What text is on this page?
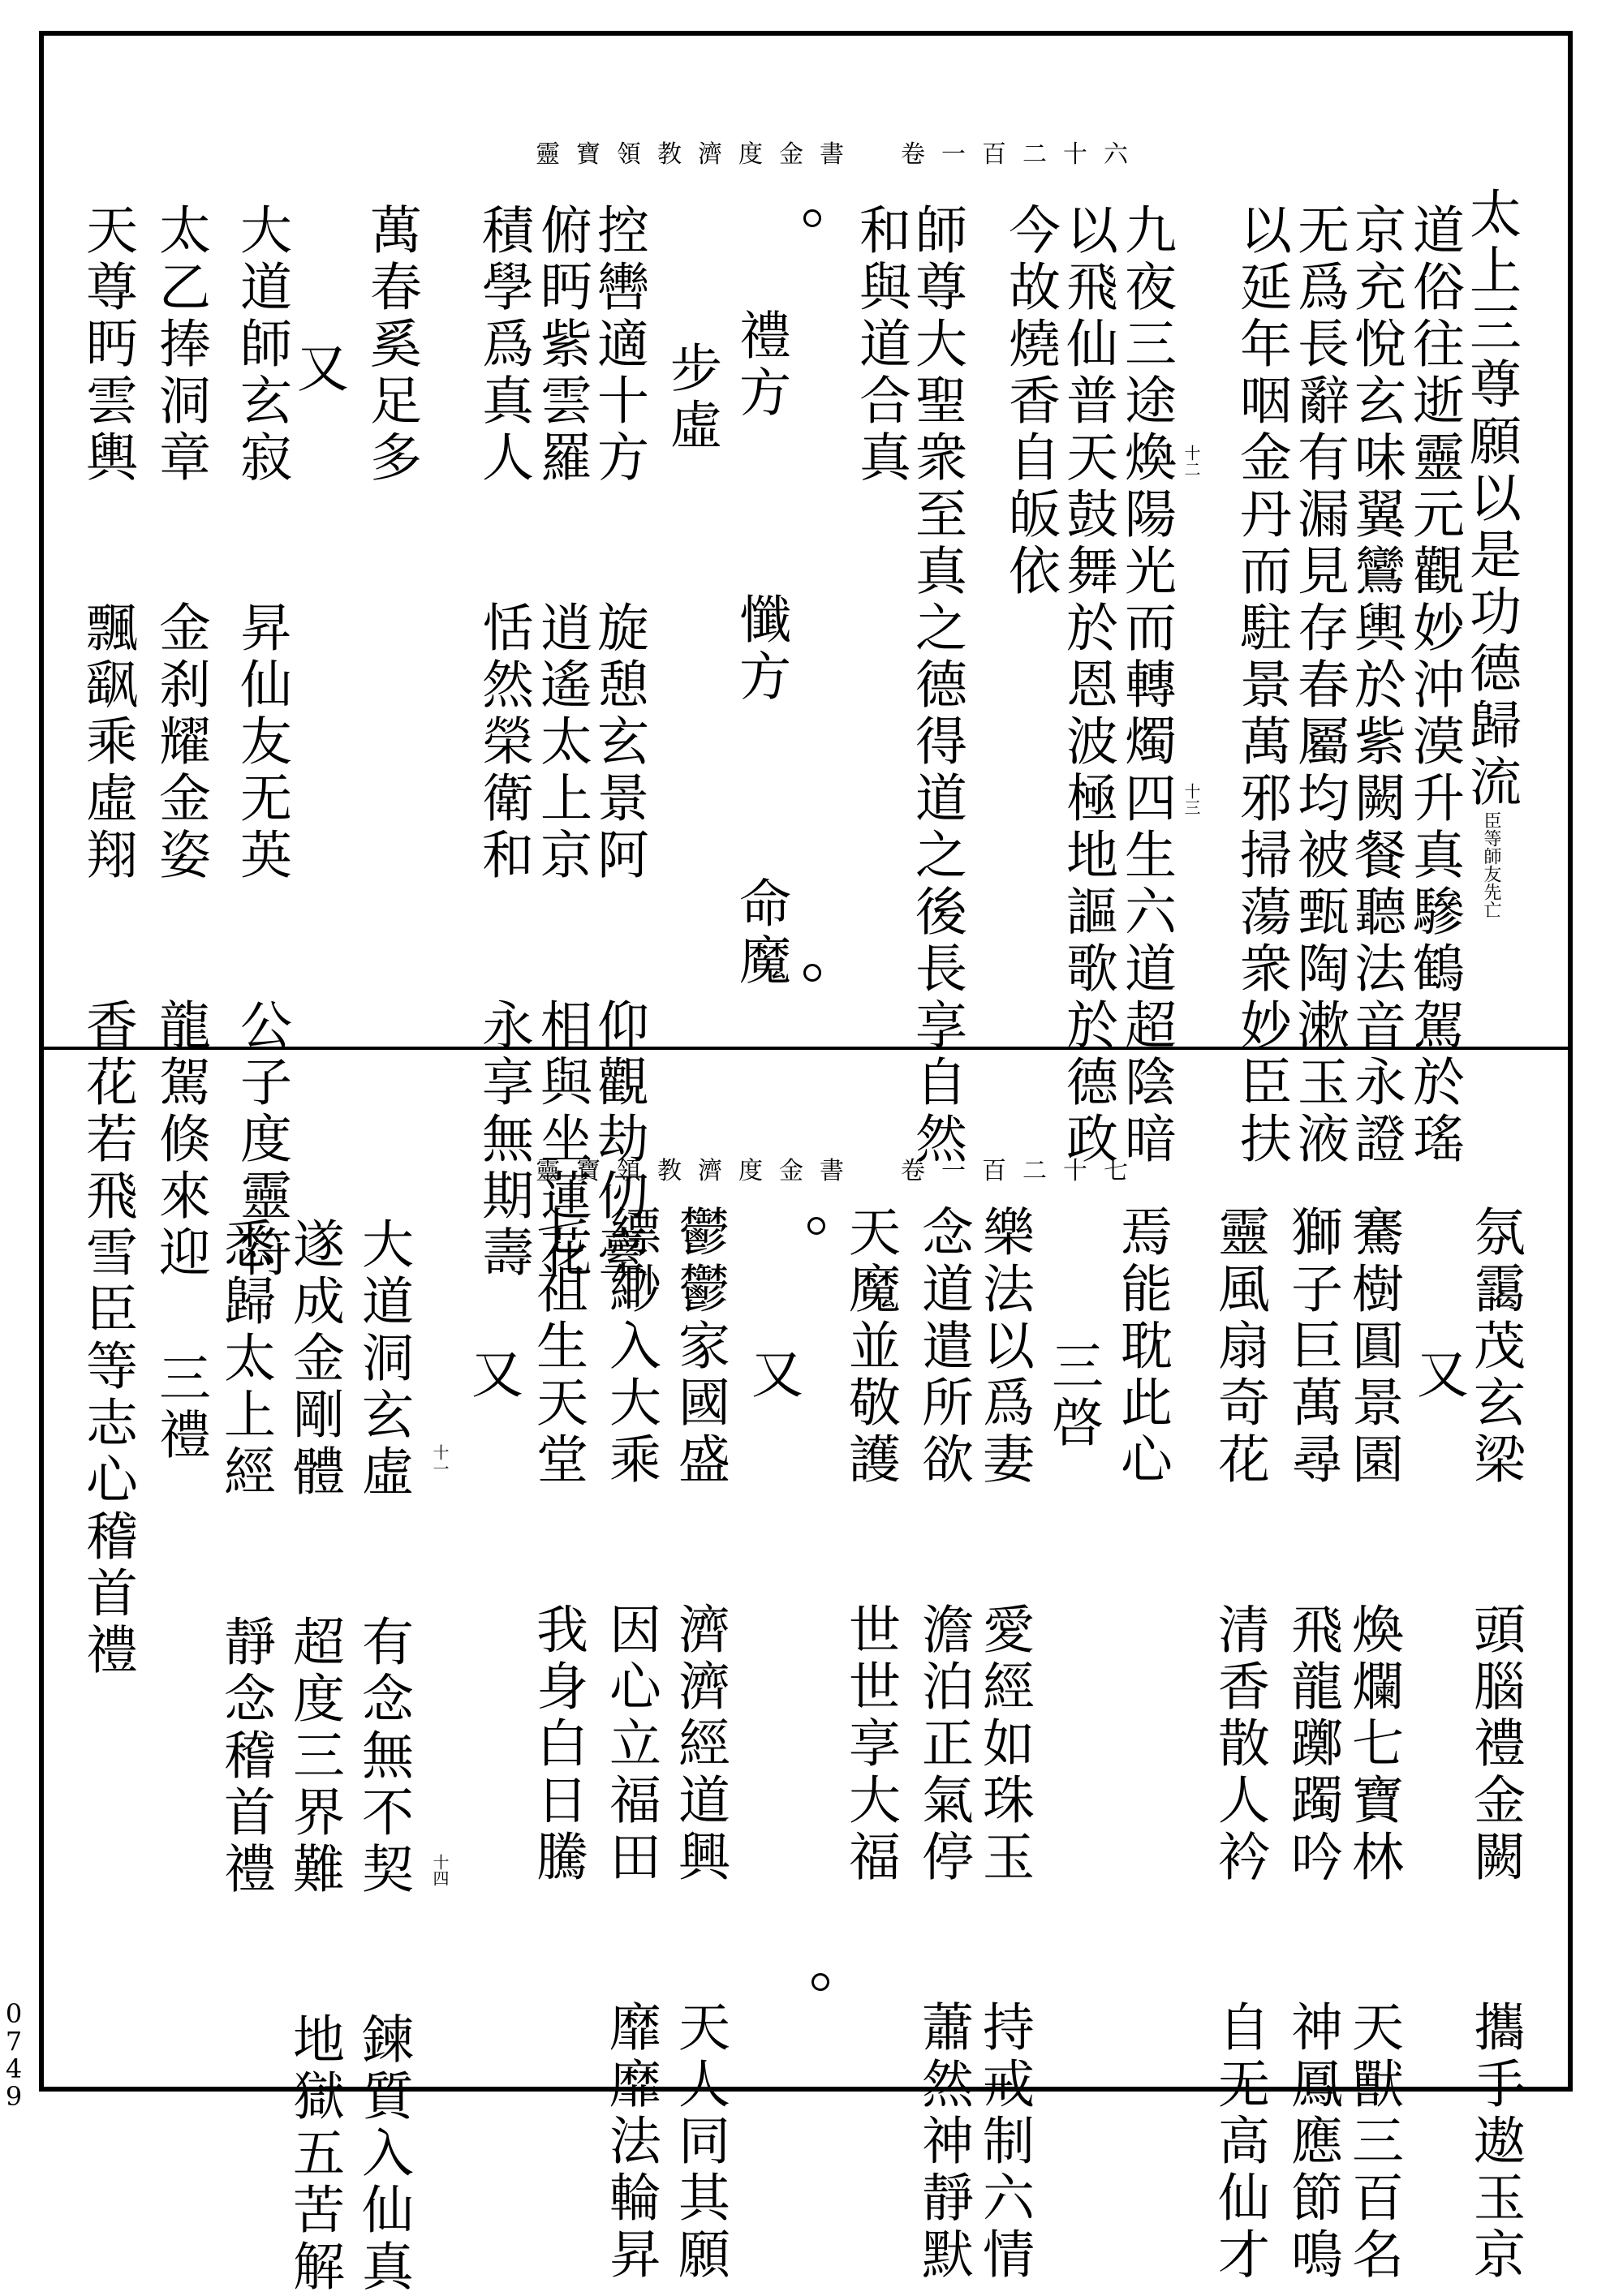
靈寶領教濟度金書　卷一百二十六
太上三尊願以是功德歸流臣等師友先亡
道俗往逝靈元觀妙沖漠升真驂鶴駕於瑤
京充悅玄味翼鸞輿於紫闕餐聽法音永證
无爲長辭有漏見存春屬均被甄陶漱玉液
以延年咽金丹而駐景萬邪掃蕩衆妙臣扶
十二
九夜三途煥陽光而轉燭四生六道超陰暗 十三
以飛仙普天鼓舞於恩波極地謳歌於德政
今故燒香自皈依
師尊大聖衆至真之德得道之後長享自然
和與道合真
禮方　　　懺方　　　命魔
步虛
控轡適十方　　旋憩玄景阿　　仰觀劫仞臺
俯眄紫雲羅　　逍遙太上京　　相與坐蓮花
積學爲真人　　恬然榮衛和　　永享無期壽
萬春奚足多
又
大道師玄寂　　昇仙友无英　　公子度靈符
太乙捧洞章　　金刹耀金姿　　龍駕倏來迎
天尊眄雲輿　　飄飖乘虛翔　　香花若飛雪	靈寶領教濟度金書　卷一百二十七
氛靄茂玄梁　　頭腦禮金闕　　攜手遨玉京
又
騫樹圓景園　　煥爛七寶林　　天獸三百名
獅子巨萬尋　　飛龍躑躅吟　　神鳳應節鳴
靈風扇奇花　　清香散人衿　　自无高仙才
焉能耽此心
三啓
樂法以爲妻　　愛經如珠玉　　持戒制六情
念道遣所欲　　澹泊正氣停　　蕭然神靜默
天魔並敬護　　世世享大福
又
鬱鬱家國盛　　濟濟經道興　　天人同其願
縹緲入大乘　　因心立福田　　靡靡法輪昇
七祖生天堂　　我身白日騰
又
十一
大道洞玄虛　　有念無不契　　鍊質入仙真 十四
遂成金剛體　　超度三界難　　地獄五苦解
悉歸太上經　　靜念稽首禮
三禮
臣等志心稽首禮
0
7
4
9
